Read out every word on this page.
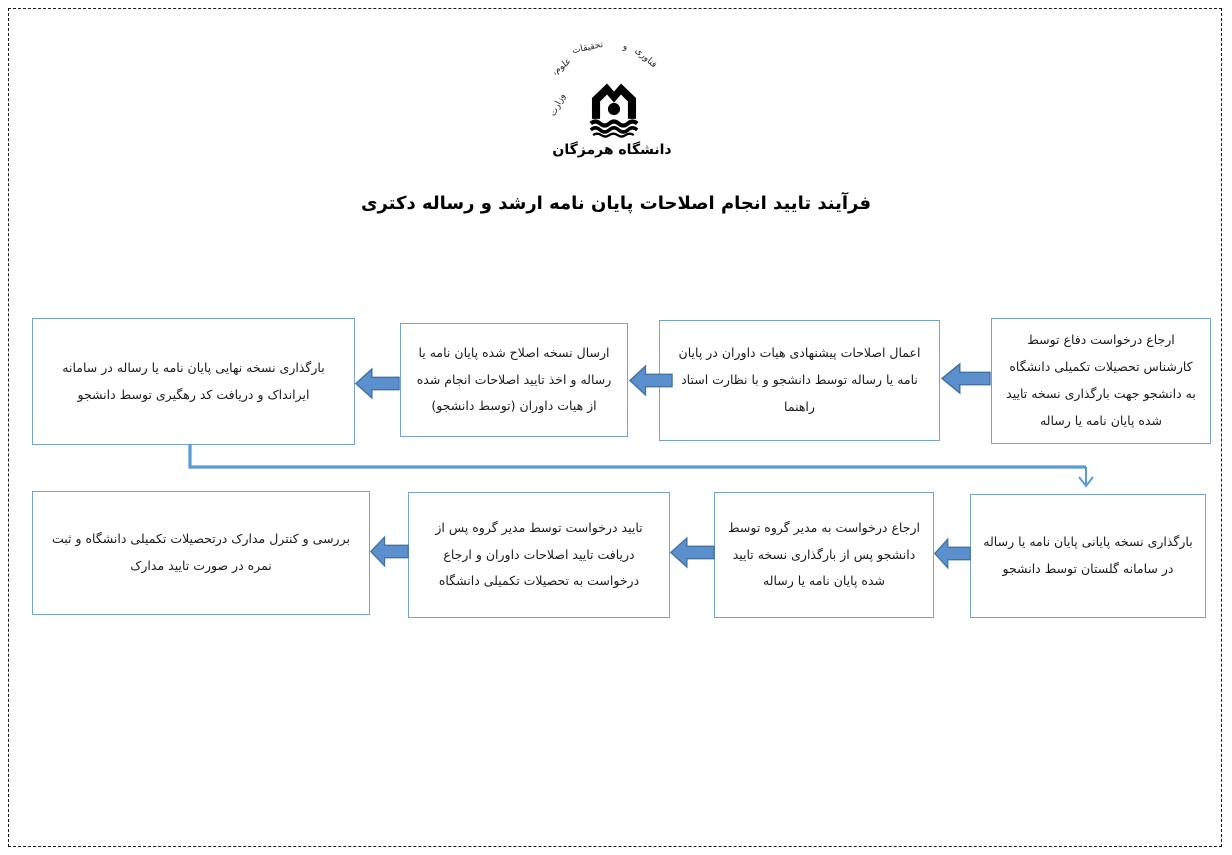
وزارت
علوم،
تحقیقات و فناوری
دانشگاه هرمزگان
فرآیند تایید انجام اصلاحات پایان نامه ارشد و رساله دکتری
ارجاع درخواست دفاع توسط کارشناس تحصیلات تکمیلی دانشگاه به دانشجو جهت بارگذاری نسخه تایید شده پایان نامه یا رساله
اعمال اصلاحات پیشنهادی هیات داوران در پایان نامه یا رساله توسط دانشجو و با نظارت استاد راهنما
ارسال نسخه اصلاح شده پایان نامه یا رساله و اخذ تایید اصلاحات انجام شده از هیات داوران (توسط دانشجو)
بارگذاری نسخه نهایی پایان نامه یا رساله در سامانه ایرانداک و دریافت کد رهگیری توسط دانشجو
بارگذاری نسخه پایانی پایان نامه یا رساله در سامانه گلستان توسط دانشجو
ارجاع درخواست به مدیر گروه توسط دانشجو پس از بارگذاری نسخه تایید شده پایان نامه یا رساله
تایید درخواست توسط مدیر گروه پس از دریافت تایید اصلاحات داوران و ارجاع درخواست به تحصیلات تکمیلی دانشگاه
بررسی و کنترل مدارک درتحصیلات تکمیلی دانشگاه و ثبت نمره در صورت تایید مدارک
